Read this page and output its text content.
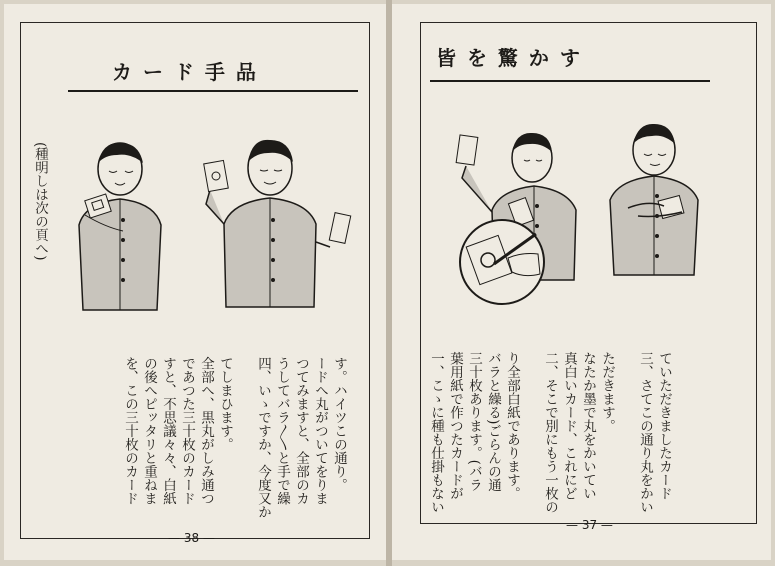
カ ー ド 手 品
皆 を 驚 か す
(種明しは次の頁へ)

す。ハイツこの通り。
ードへ丸がついてをりま
つてみますと、全部のカ
うしてバラ〳〵と手で繰
四、いゝですか、今度又か

てしまひます。
全部へ、黒丸がしみ通つ
であつた三十枚のカード
すと、不思議々々、白紙
の後へピッタリと重ねま
を、この三十枚のカード

— 38 —

ていただきましたカード
三、さてこの通り丸をかい

ただきます。
なたか墨で丸をかいてい
真白いカード、これにど
二、そこで別にもう一枚の

り全部白紙であります。
バラと繰る)ごらんの通
三十枚あります。(バラ
葉用紙で作つたカードが
一、こゝに種も仕掛もない

— 37 —
